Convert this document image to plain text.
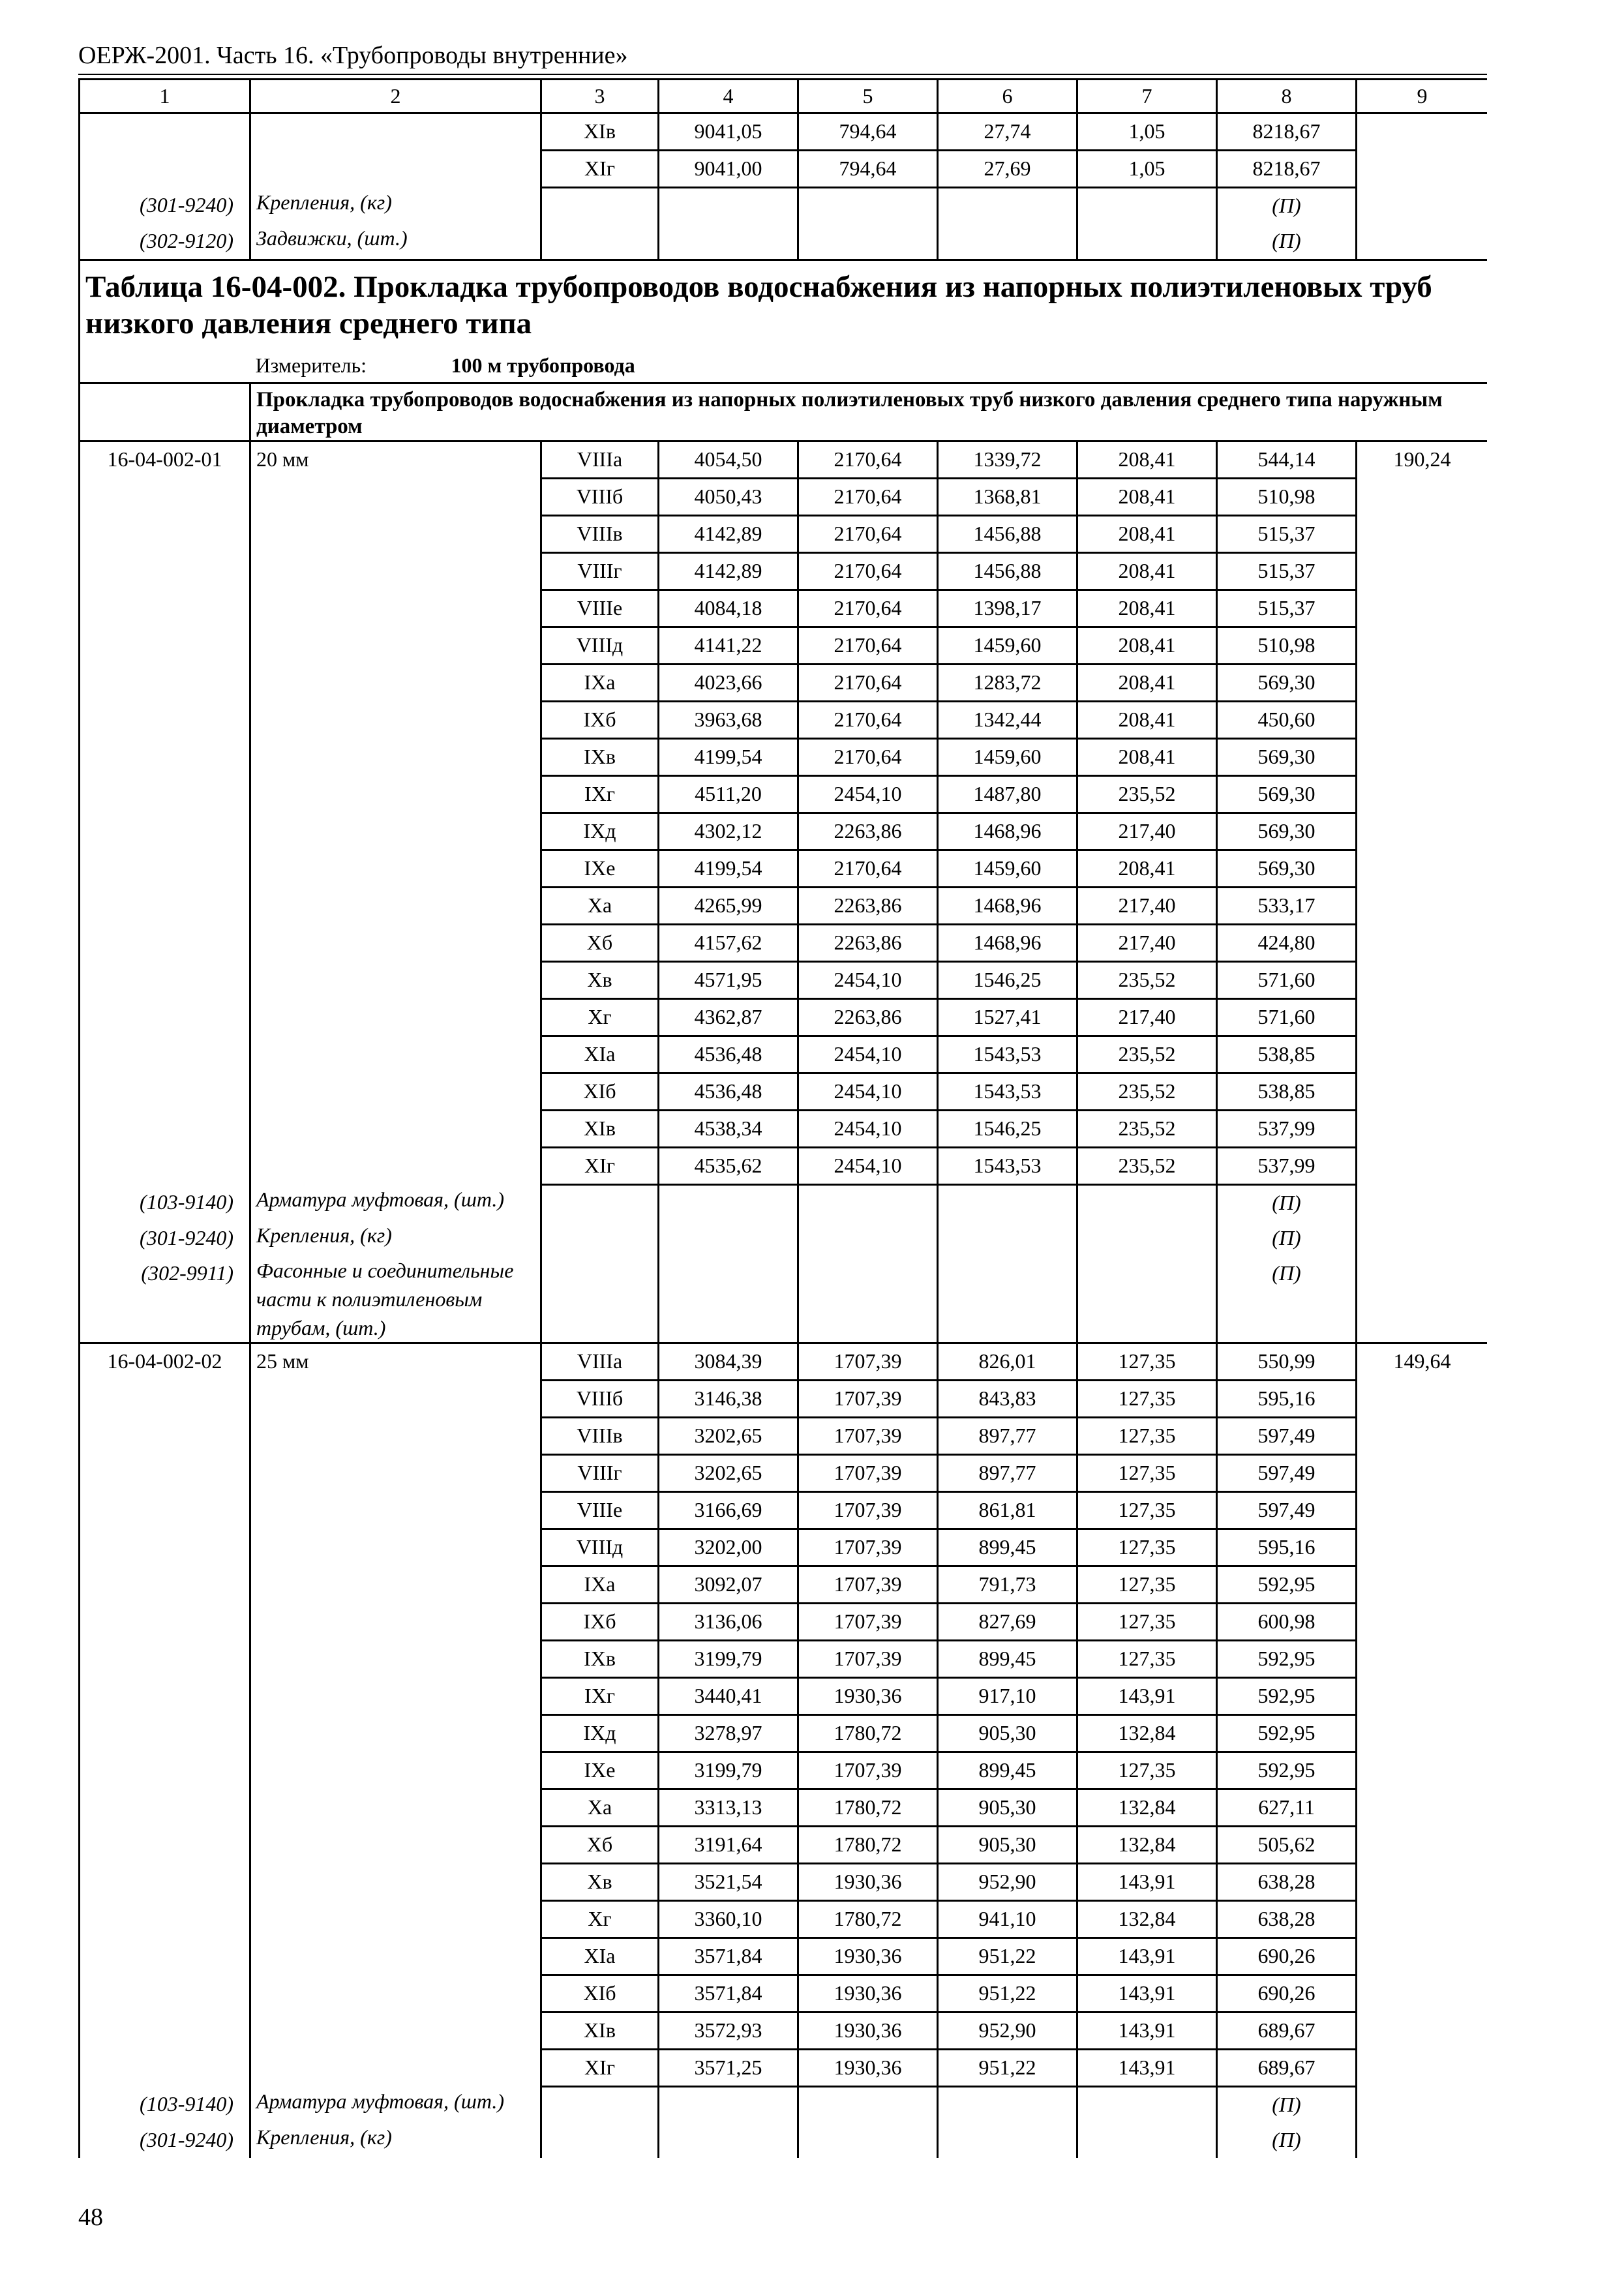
ОЕРЖ-2001. Часть 16. «Трубопроводы внутренние»
1	2	3	4	5	6	7	8	9
		XIв	9041,05	794,64	27,74	1,05	8218,67	
		XIг	9041,00	794,64	27,69	1,05	8218,67	
(301-9240)	Крепления, (кг)						(П)	
(302-9120)	Задвижки, (шт.)						(П)	
Таблица 16-04-002. Прокладка трубопроводов водоснабжения из напорных полиэтиленовых труб низкого давления среднего типа								
	Измеритель: 100 м трубопровода							
	Прокладка трубопроводов водоснабжения из напорных полиэтиленовых труб низкого давления среднего типа наружным диаметром							
16-04-002-01	20 мм	VIIIа	4054,50	2170,64	1339,72	208,41	544,14	190,24
		VIIIб	4050,43	2170,64	1368,81	208,41	510,98	
		VIIIв	4142,89	2170,64	1456,88	208,41	515,37	
		VIIIг	4142,89	2170,64	1456,88	208,41	515,37	
		VIIIе	4084,18	2170,64	1398,17	208,41	515,37	
		VIIIд	4141,22	2170,64	1459,60	208,41	510,98	
		IXа	4023,66	2170,64	1283,72	208,41	569,30	
		IXб	3963,68	2170,64	1342,44	208,41	450,60	
		IXв	4199,54	2170,64	1459,60	208,41	569,30	
		IXг	4511,20	2454,10	1487,80	235,52	569,30	
		IXд	4302,12	2263,86	1468,96	217,40	569,30	
		IXе	4199,54	2170,64	1459,60	208,41	569,30	
		Xа	4265,99	2263,86	1468,96	217,40	533,17	
		Xб	4157,62	2263,86	1468,96	217,40	424,80	
		Xв	4571,95	2454,10	1546,25	235,52	571,60	
		Xг	4362,87	2263,86	1527,41	217,40	571,60	
		XIа	4536,48	2454,10	1543,53	235,52	538,85	
		XIб	4536,48	2454,10	1543,53	235,52	538,85	
		XIв	4538,34	2454,10	1546,25	235,52	537,99	
		XIг	4535,62	2454,10	1543,53	235,52	537,99	
(103-9140)	Арматура муфтовая, (шт.)						(П)	
(301-9240)	Крепления, (кг)						(П)	
(302-9911)	Фасонные и соединительные части к полиэтиленовым трубам, (шт.)						(П)	
16-04-002-02	25 мм	VIIIа	3084,39	1707,39	826,01	127,35	550,99	149,64
		VIIIб	3146,38	1707,39	843,83	127,35	595,16	
		VIIIв	3202,65	1707,39	897,77	127,35	597,49	
		VIIIг	3202,65	1707,39	897,77	127,35	597,49	
		VIIIе	3166,69	1707,39	861,81	127,35	597,49	
		VIIIд	3202,00	1707,39	899,45	127,35	595,16	
		IXа	3092,07	1707,39	791,73	127,35	592,95	
		IXб	3136,06	1707,39	827,69	127,35	600,98	
		IXв	3199,79	1707,39	899,45	127,35	592,95	
		IXг	3440,41	1930,36	917,10	143,91	592,95	
		IXд	3278,97	1780,72	905,30	132,84	592,95	
		IXе	3199,79	1707,39	899,45	127,35	592,95	
		Xа	3313,13	1780,72	905,30	132,84	627,11	
		Xб	3191,64	1780,72	905,30	132,84	505,62	
		Xв	3521,54	1930,36	952,90	143,91	638,28	
		Xг	3360,10	1780,72	941,10	132,84	638,28	
		XIа	3571,84	1930,36	951,22	143,91	690,26	
		XIб	3571,84	1930,36	951,22	143,91	690,26	
		XIв	3572,93	1930,36	952,90	143,91	689,67	
		XIг	3571,25	1930,36	951,22	143,91	689,67	
(103-9140)	Арматура муфтовая, (шт.)						(П)	
(301-9240)	Крепления, (кг)						(П)	
48
